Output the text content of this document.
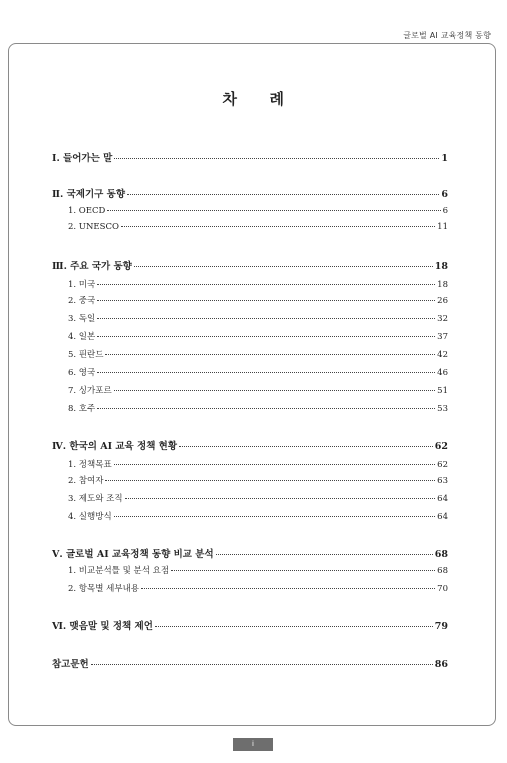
글로벌 AI 교육정책 동향
차 례
Ⅰ. 들어가는 말	1
Ⅱ. 국제기구 동향	6
1. OECD	6
2. UNESCO	11
Ⅲ. 주요 국가 동향	18
1. 미국	18
2. 중국	26
3. 독일	32
4. 일본	37
5. 핀란드	42
6. 영국	46
7. 싱가포르	51
8. 호주	53
Ⅳ. 한국의 AI 교육 정책 현황	62
1. 정책목표	62
2. 참여자	63
3. 제도와 조직	64
4. 실행방식	64
Ⅴ. 글로벌 AI 교육정책 동향 비교 분석	68
1. 비교분석틀 및 분석 요점	68
2. 항목별 세부내용	70
Ⅵ. 맺음말 및 정책 제언	79
참고문헌	86
i
